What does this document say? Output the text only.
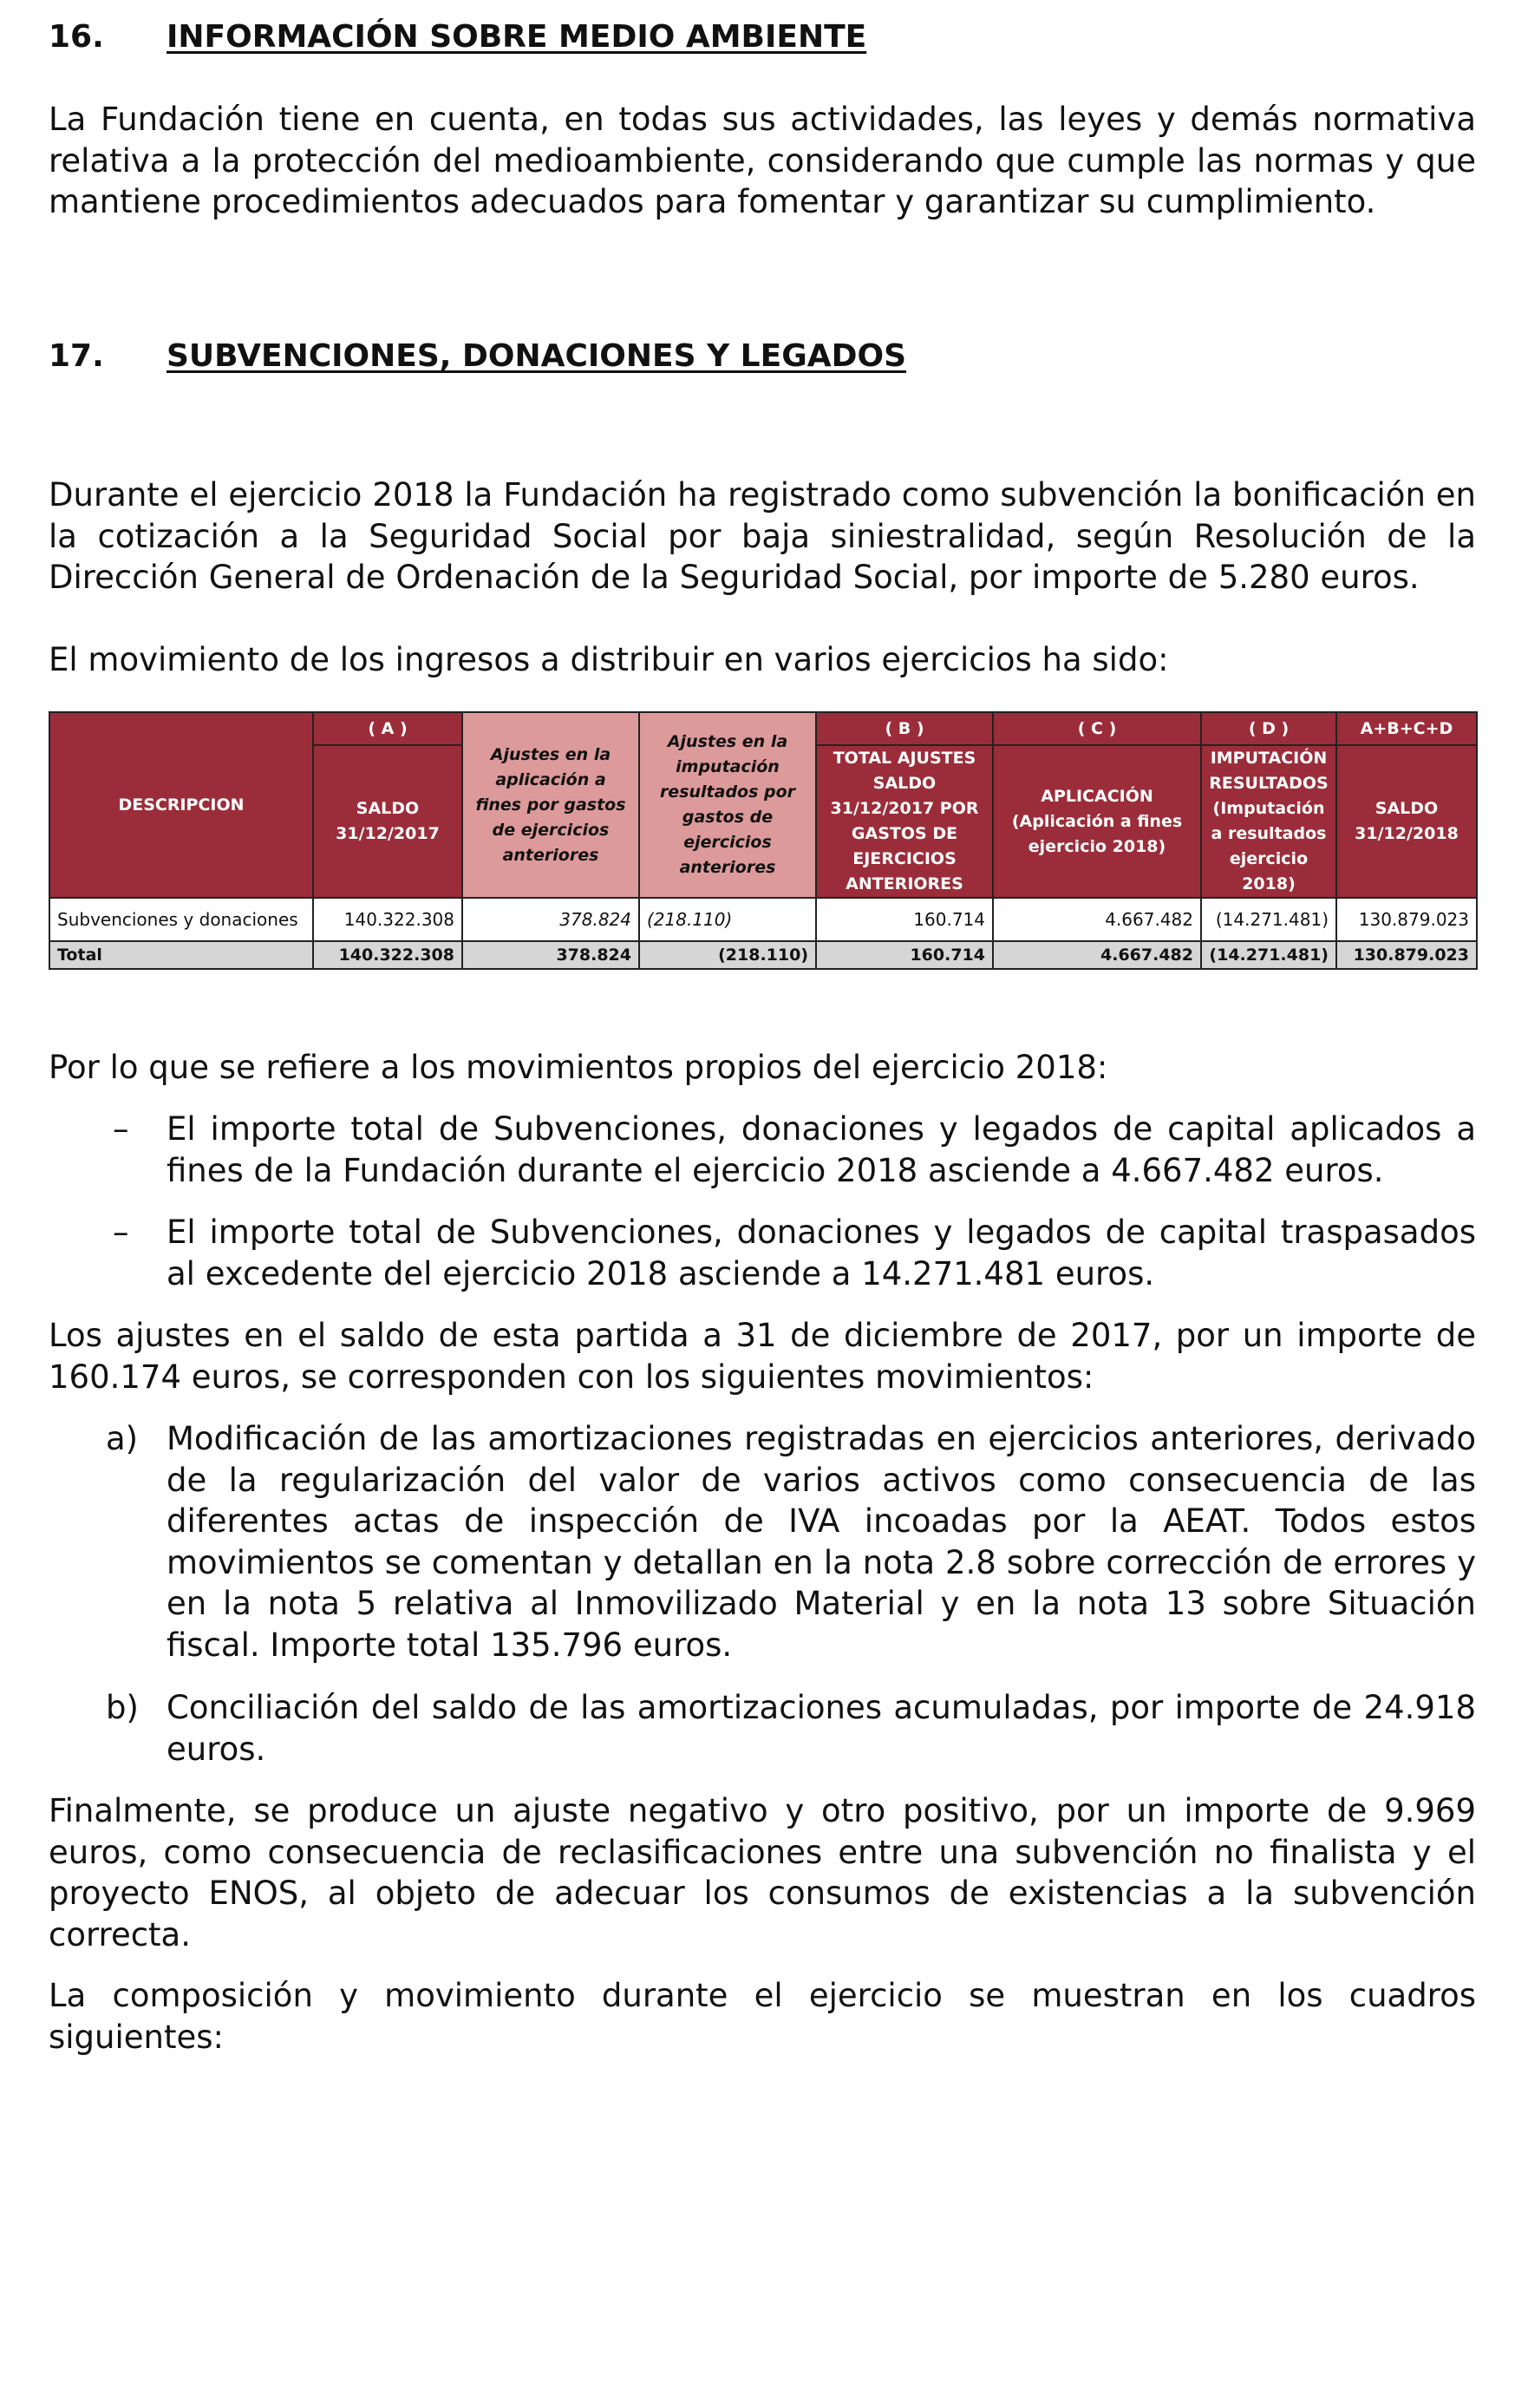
16.	INFORMACIÓN SOBRE MEDIO AMBIENTE

La Fundación tiene en cuenta, en todas sus actividades, las leyes y demás normativa relativa a la protección del medioambiente, considerando que cumple las normas y que mantiene procedimientos adecuados para fomentar y garantizar su cumplimiento.

17.	SUBVENCIONES, DONACIONES Y LEGADOS

Durante el ejercicio 2018 la Fundación ha registrado como subvención la bonificación en la cotización a la Seguridad Social por baja siniestralidad, según Resolución de la Dirección General de Ordenación de la Seguridad Social, por importe de 5.280 euros.

El movimiento de los ingresos a distribuir en varios ejercicios ha sido:

DESCRIPCION	( A )	Ajustes en la aplicación a fines por gastos de ejercicios anteriores	Ajustes en la imputación resultados por gastos de ejercicios anteriores	( B )	( C )	( D )	A+B+C+D
	SALDO 31/12/2017			TOTAL AJUSTES SALDO 31/12/2017 POR GASTOS DE EJERCICIOS ANTERIORES	APLICACIÓN (Aplicación a fines ejercicio 2018)	IMPUTACIÓN RESULTADOS (Imputación a resultados ejercicio 2018)	SALDO 31/12/2018
Subvenciones y donaciones	140.322.308	378.824	(218.110)	160.714	4.667.482	(14.271.481)	130.879.023
Total	140.322.308	378.824	(218.110)	160.714	4.667.482	(14.271.481)	130.879.023

Por lo que se refiere a los movimientos propios del ejercicio 2018:

–	El importe total de Subvenciones, donaciones y legados de capital aplicados a fines de la Fundación durante el ejercicio 2018 asciende a 4.667.482 euros.
–	El importe total de Subvenciones, donaciones y legados de capital traspasados al excedente del ejercicio 2018 asciende a 14.271.481 euros.

Los ajustes en el saldo de esta partida a 31 de diciembre de 2017, por un importe de 160.174 euros, se corresponden con los siguientes movimientos:

a) Modificación de las amortizaciones registradas en ejercicios anteriores, derivado de la regularización del valor de varios activos como consecuencia de las diferentes actas de inspección de IVA incoadas por la AEAT. Todos estos movimientos se comentan y detallan en la nota 2.8 sobre corrección de errores y en la nota 5 relativa al Inmovilizado Material y en la nota 13 sobre Situación fiscal. Importe total 135.796 euros.
b) Conciliación del saldo de las amortizaciones acumuladas, por importe de 24.918 euros.

Finalmente, se produce un ajuste negativo y otro positivo, por un importe de 9.969 euros, como consecuencia de reclasificaciones entre una subvención no finalista y el proyecto ENOS, al objeto de adecuar los consumos de existencias a la subvención correcta.

La composición y movimiento durante el ejercicio se muestran en los cuadros siguientes:
